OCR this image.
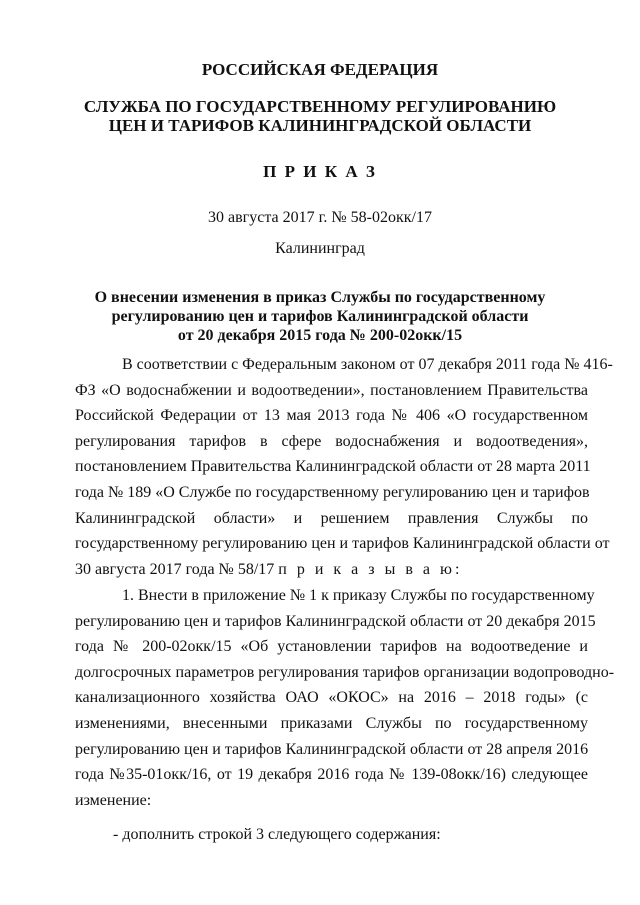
РОССИЙСКАЯ ФЕДЕРАЦИЯ
СЛУЖБА ПО ГОСУДАРСТВЕННОМУ РЕГУЛИРОВАНИЮ
ЦЕН И ТАРИФОВ КАЛИНИНГРАДСКОЙ ОБЛАСТИ
П Р И К А З
30 августа 2017 г. № 58-02окк/17
Калининград
О внесении изменения в приказ Службы по государственному
регулированию цен и тарифов Калининградской области
от 20 декабря 2015 года № 200-02окк/15
В соответствии с Федеральным законом от 07 декабря 2011 года № 416-
ФЗ «О водоснабжении и водоотведении», постановлением Правительства
Российской Федерации от 13 мая 2013 года № 406 «О государственном
регулирования тарифов в сфере водоснабжения и водоотведения»,
постановлением Правительства Калининградской области от 28 марта 2011
года № 189 «О Службе по государственному регулированию цен и тарифов
Калининградской области» и решением правления Службы по
государственному регулированию цен и тарифов Калининградской области от
30 августа 2017 года № 58/17 п р и к а з ы в а ю:
1. Внести в приложение № 1 к приказу Службы по государственному
регулированию цен и тарифов Калининградской области от 20 декабря 2015
года № 200-02окк/15 «Об установлении тарифов на водоотведение и
долгосрочных параметров регулирования тарифов организации водопроводно-
канализационного хозяйства ОАО «ОКОС» на 2016 – 2018 годы» (с
изменениями, внесенными приказами Службы по государственному
регулированию цен и тарифов Калининградской области от 28 апреля 2016
года №35-01окк/16, от 19 декабря 2016 года № 139-08окк/16) следующее
изменение:
- дополнить строкой 3 следующего содержания:
